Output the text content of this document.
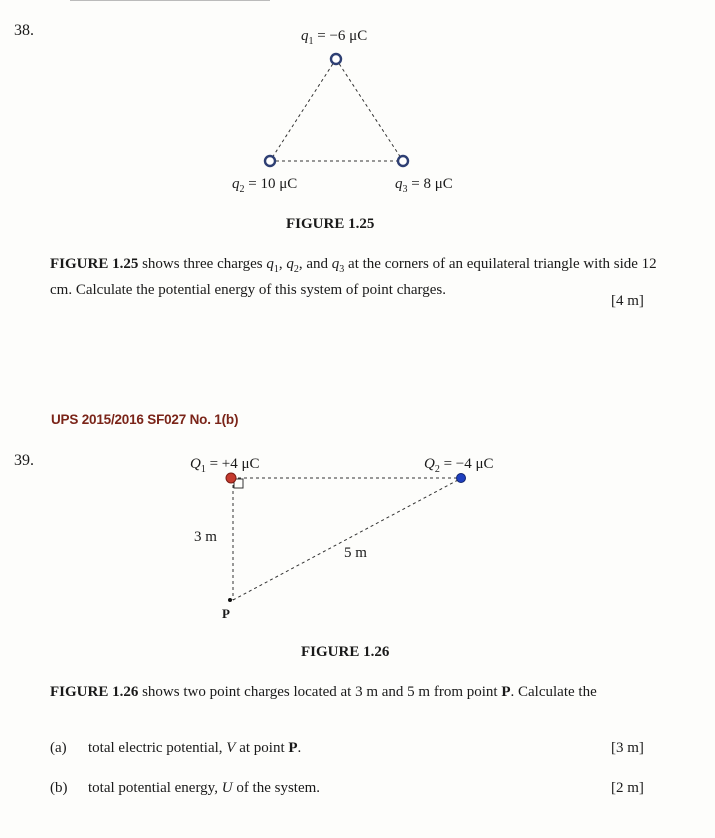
38.	$q_1 = -6$ μC
$q_2 = 10$ μC	$q_3 = 8$ μC
FIGURE 1.25
FIGURE 1.25 shows three charges $q_1$, $q_2$, and $q_3$ at the corners of an equilateral triangle with side 12 cm. Calculate the potential energy of this system of point charges.
[4 m]
UPS 2015/2016 SF027 No. 1(b)
39.	$Q_1 = +4$ μC	$Q_2 = -4$ μC
3 m
5 m
P
FIGURE 1.26
FIGURE 1.26 shows two point charges located at 3 m and 5 m from point P. Calculate the
(a) total electric potential, V at point P.	[3 m]
(b) total potential energy, U of the system.	[2 m]
